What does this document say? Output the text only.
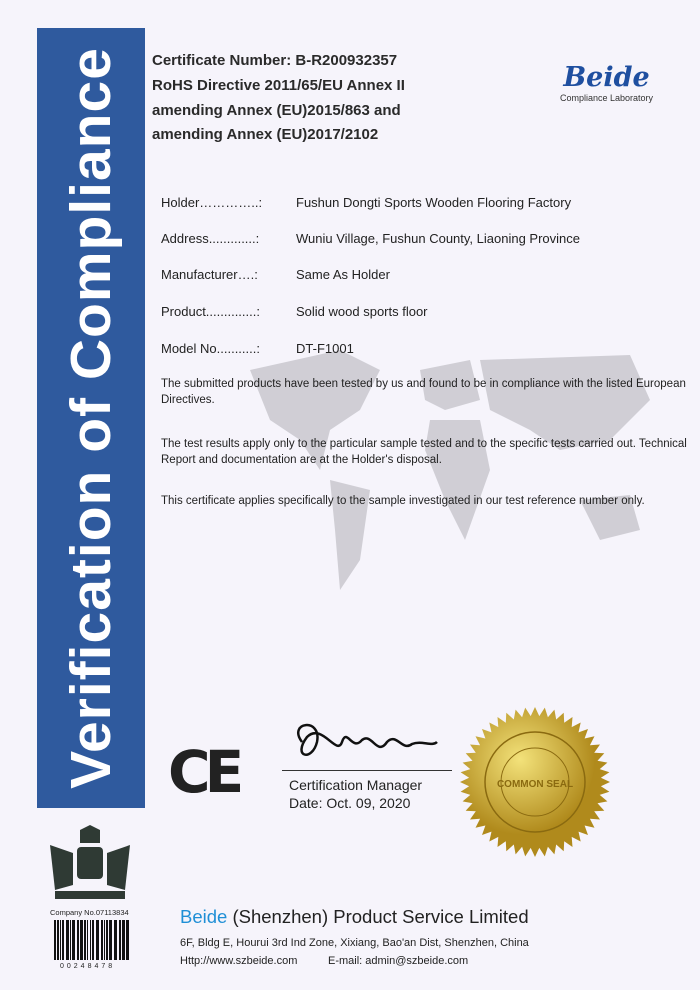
Verification of Compliance Certificate Number: B-R200932357
RoHS Directive 2011/65/EU Annex II
amending Annex (EU)2015/863 and
amending Annex (EU)2017/2102
Beide
Compliance Laboratory
Holder…………..:	Fushun Dongti Sports Wooden Flooring Factory
Address.............:	Wuniu Village, Fushun County, Liaoning Province
Manufacturer….:	Same As Holder
Product..............:	Solid wood sports floor
Model No...........:	DT-F1001
The submitted products have been tested by us and found to be in compliance with the listed European Directives.
The test results apply only to the particular sample tested and to the specific tests carried out. Technical Report and documentation are at the Holder's disposal.
This certificate applies specifically to the sample investigated in our test reference number only.
CE	Certification Manager
Date: Oct. 09, 2020
COMMON SEAL
Company No.07113834
00248478
Beide (Shenzhen) Product Service Limited
6F, Bldg E, Hourui 3rd Ind Zone, Xixiang, Bao'an Dist, Shenzhen, China
Http://www.szbeide.com	E-mail: admin@szbeide.com
